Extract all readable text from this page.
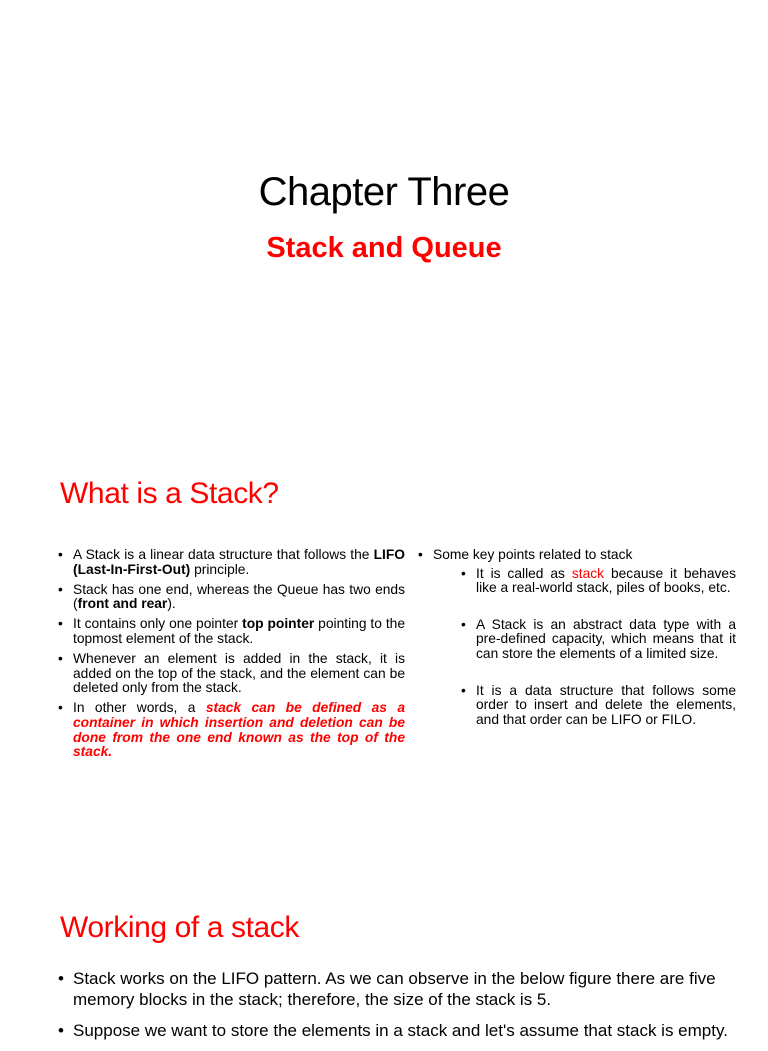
Chapter Three
Stack and Queue
What is a Stack?
• A Stack is a linear data structure that follows the LIFO (Last-In-First-Out) principle.
• Stack has one end, whereas the Queue has two ends (front and rear).
• It contains only one pointer top pointer pointing to the topmost element of the stack.
• Whenever an element is added in the stack, it is added on the top of the stack, and the element can be deleted only from the stack.
• In other words, a stack can be defined as a container in which insertion and deletion can be done from the one end known as the top of the stack.
• Some key points related to stack
• It is called as stack because it behaves like a real-world stack, piles of books, etc.
• A Stack is an abstract data type with a pre-defined capacity, which means that it can store the elements of a limited size.
• It is a data structure that follows some order to insert and delete the elements, and that order can be LIFO or FILO.
Working of a stack
• Stack works on the LIFO pattern. As we can observe in the below figure there are five memory blocks in the stack; therefore, the size of the stack is 5.
• Suppose we want to store the elements in a stack and let's assume that stack is empty.
